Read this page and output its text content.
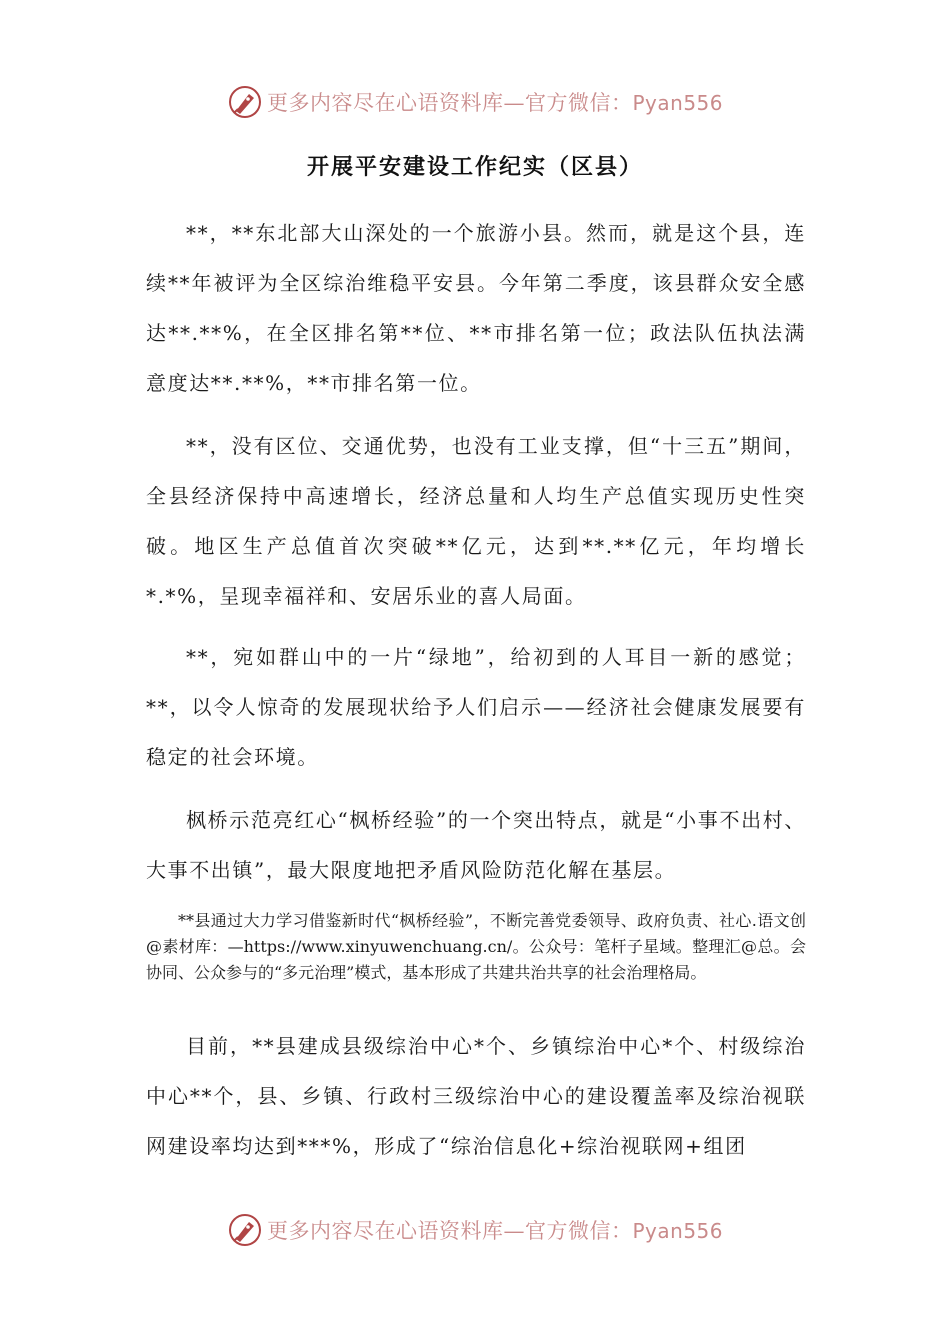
更多内容尽在心语资料库—官方微信：Pyan556
开展平安建设工作纪实（区县）
**，**东北部大山深处的一个旅游小县。然而，就是这个县，连续**年被评为全区综治维稳平安县。今年第二季度，该县群众安全感达**.**%，在全区排名第**位、**市排名第一位；政法队伍执法满意度达**.**%，**市排名第一位。
**，没有区位、交通优势，也没有工业支撑，但“十三五”期间，全县经济保持中高速增长，经济总量和人均生产总值实现历史性突破。地区生产总值首次突破**亿元，达到**.**亿元，年均增长*.*%，呈现幸福祥和、安居乐业的喜人局面。
**，宛如群山中的一片“绿地”，给初到的人耳目一新的感觉；**，以令人惊奇的发展现状给予人们启示——经济社会健康发展要有稳定的社会环境。
枫桥示范亮红心“枫桥经验”的一个突出特点，就是“小事不出村、大事不出镇”，最大限度地把矛盾风险防范化解在基层。
**县通过大力学习借鉴新时代“枫桥经验”，不断完善党委领导、政府负责、社心.语文创@素材库：—https://www.xinyuwenchuang.cn/。公众号：笔杆子星域。整理汇@总。会协同、公众参与的“多元治理”模式，基本形成了共建共治共享的社会治理格局。
目前，**县建成县级综治中心*个、乡镇综治中心*个、村级综治中心**个，县、乡镇、行政村三级综治中心的建设覆盖率及综治视联网建设率均达到***%，形成了“综治信息化+综治视联网+组团
更多内容尽在心语资料库—官方微信：Pyan556
